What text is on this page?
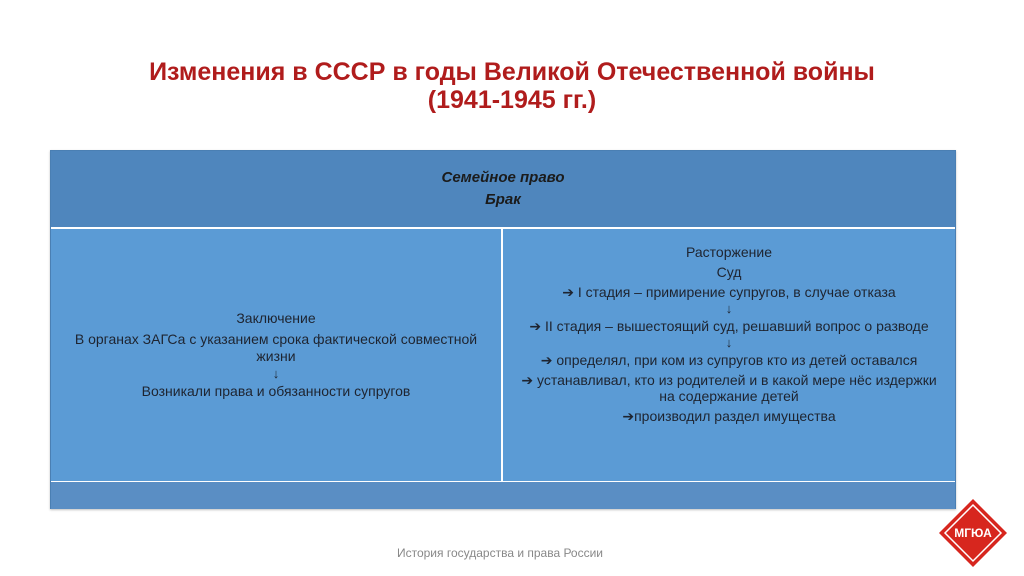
Изменения в СССР в годы Великой Отечественной войны
(1941-1945 гг.)
Семейное право
Брак
Заключение
В органах ЗАГСа с указанием срока фактической совместной жизни
↓
Возникали права и обязанности супругов
Расторжение
Суд
➔ I стадия – примирение супругов, в случае отказа
↓
➔ II стадия – вышестоящий суд, решавший вопрос о разводе
↓
➔ определял, при ком из супругов кто из детей оставался
➔ устанавливал, кто из родителей и в какой мере нёс издержки на содержание детей
➔производил раздел имущества
История государства и права России
МГЮА
